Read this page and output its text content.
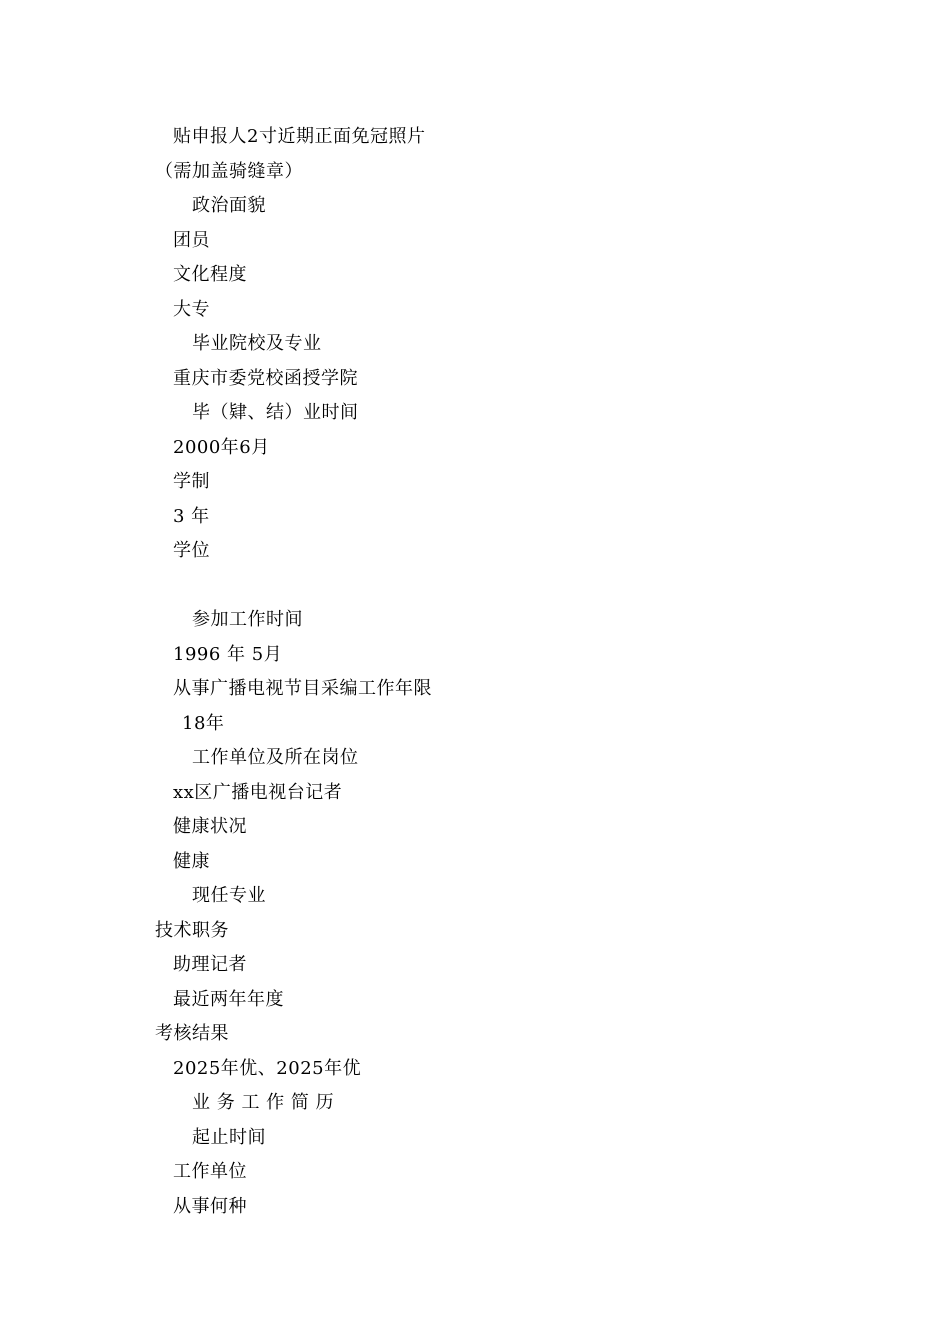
贴申报人2寸近期正面免冠照片
（需加盖骑缝章）
政治面貌
团员
文化程度
大专
毕业院校及专业
重庆市委党校函授学院
毕（肄、结）业时间
2000年6月
学制
3 年
学位
参加工作时间
1996 年 5月
从事广播电视节目采编工作年限
18年
工作单位及所在岗位
xx区广播电视台记者
健康状况
健康
现任专业
技术职务
助理记者
最近两年年度
考核结果
2025年优、2025年优
业 务 工 作 简 历
起止时间
工作单位
从事何种
